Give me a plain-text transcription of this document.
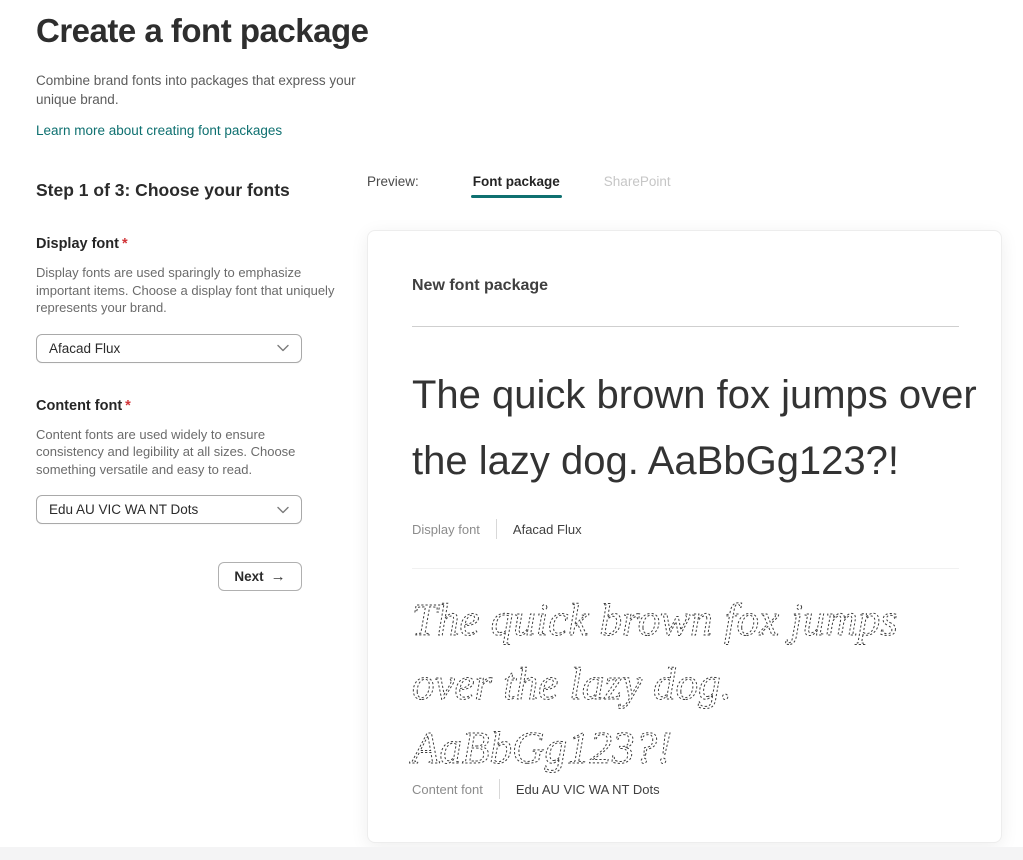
Create a font package
Combine brand fonts into packages that express your unique brand.
Learn more about creating font packages
Step 1 of 3: Choose your fonts
Display font *
Display fonts are used sparingly to emphasize important items. Choose a display font that uniquely represents your brand.
Afacad Flux
Content font *
Content fonts are used widely to ensure consistency and legibility at all sizes. Choose something versatile and easy to read.
Edu AU VIC WA NT Dots
Next →
Preview:	Font package	SharePoint
New font package
The quick brown fox jumps over
the lazy dog. AaBbGg123?!
Display font	Afacad Flux
The quick brown fox jumps
over the lazy dog.
AaBbGg123?!
Content font	Edu AU VIC WA NT Dots
